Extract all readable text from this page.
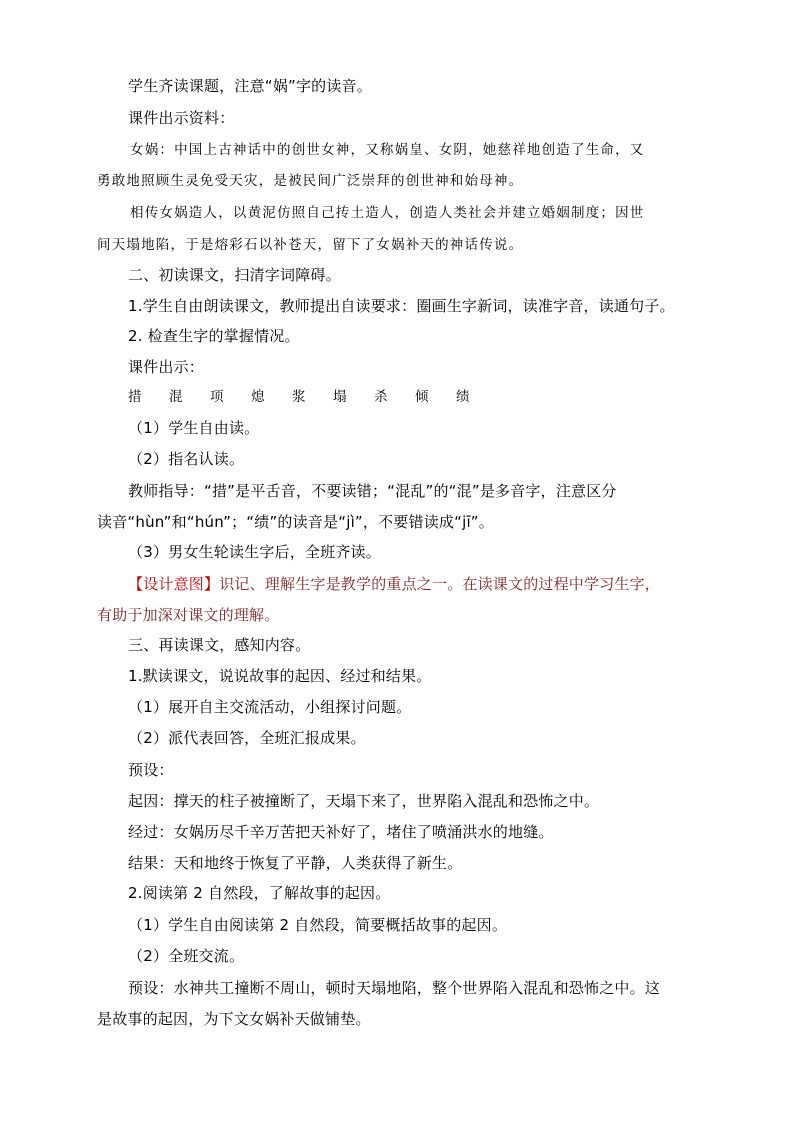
学生齐读课题，注意“娲”字的读音。
课件出示资料：
女娲：中国上古神话中的创世女神，又称娲皇、女阴，她慈祥地创造了生命，又
勇敢地照顾生灵免受天灾，是被民间广泛崇拜的创世神和始母神。
相传女娲造人，以黄泥仿照自己抟土造人，创造人类社会并建立婚姻制度；因世
间天塌地陷，于是熔彩石以补苍天，留下了女娲补天的神话传说。
二、初读课文，扫清字词障碍。
1.学生自由朗读课文，教师提出自读要求：圈画生字新词，读准字音，读通句子。
2. 检查生字的掌握情况。
课件出示：
措 混 项 熄 浆 塌 杀 倾 绩
（1）学生自由读。
（2）指名认读。
教师指导：“措”是平舌音，不要读错；“混乱”的“混”是多音字，注意区分
读音“hùn”和“hún”；“绩”的读音是“jì”，不要错读成“jī”。
（3）男女生轮读生字后，全班齐读。
【设计意图】识记、理解生字是教学的重点之一。在读课文的过程中学习生字，
有助于加深对课文的理解。
三、再读课文，感知内容。
1.默读课文，说说故事的起因、经过和结果。
（1）展开自主交流活动，小组探讨问题。
（2）派代表回答，全班汇报成果。
预设：
起因：撑天的柱子被撞断了，天塌下来了，世界陷入混乱和恐怖之中。
经过：女娲历尽千辛万苦把天补好了，堵住了喷涌洪水的地缝。
结果：天和地终于恢复了平静，人类获得了新生。
2.阅读第 2 自然段，了解故事的起因。
（1）学生自由阅读第 2 自然段，简要概括故事的起因。
（2）全班交流。
预设：水神共工撞断不周山，顿时天塌地陷，整个世界陷入混乱和恐怖之中。这
是故事的起因，为下文女娲补天做铺垫。
